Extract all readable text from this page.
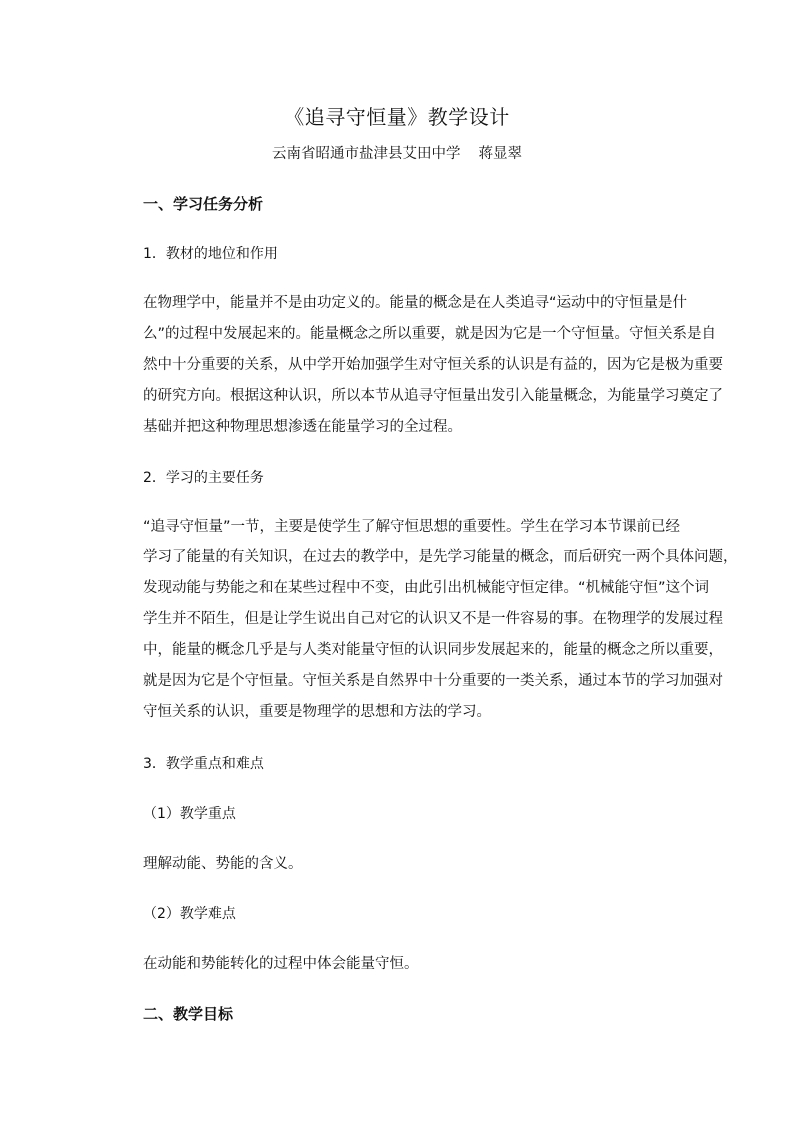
《追寻守恒量》教学设计
云南省昭通市盐津县艾田中学 蒋显翠
一、学习任务分析
1．教材的地位和作用
在物理学中，能量并不是由功定义的。能量的概念是在人类追寻“运动中的守恒量是什
么”的过程中发展起来的。能量概念之所以重要，就是因为它是一个守恒量。守恒关系是自
然中十分重要的关系，从中学开始加强学生对守恒关系的认识是有益的，因为它是极为重要
的研究方向。根据这种认识，所以本节从追寻守恒量出发引入能量概念，为能量学习奠定了
基础并把这种物理思想渗透在能量学习的全过程。
2．学习的主要任务
“追寻守恒量”一节，主要是使学生了解守恒思想的重要性。学生在学习本节课前已经
学习了能量的有关知识，在过去的教学中，是先学习能量的概念，而后研究一两个具体问题，
发现动能与势能之和在某些过程中不变，由此引出机械能守恒定律。“机械能守恒”这个词
学生并不陌生，但是让学生说出自己对它的认识又不是一件容易的事。在物理学的发展过程
中，能量的概念几乎是与人类对能量守恒的认识同步发展起来的，能量的概念之所以重要，
就是因为它是个守恒量。守恒关系是自然界中十分重要的一类关系，通过本节的学习加强对
守恒关系的认识，重要是物理学的思想和方法的学习。
3．教学重点和难点
（1）教学重点
理解动能、势能的含义。
（2）教学难点
在动能和势能转化的过程中体会能量守恒。
二、教学目标
